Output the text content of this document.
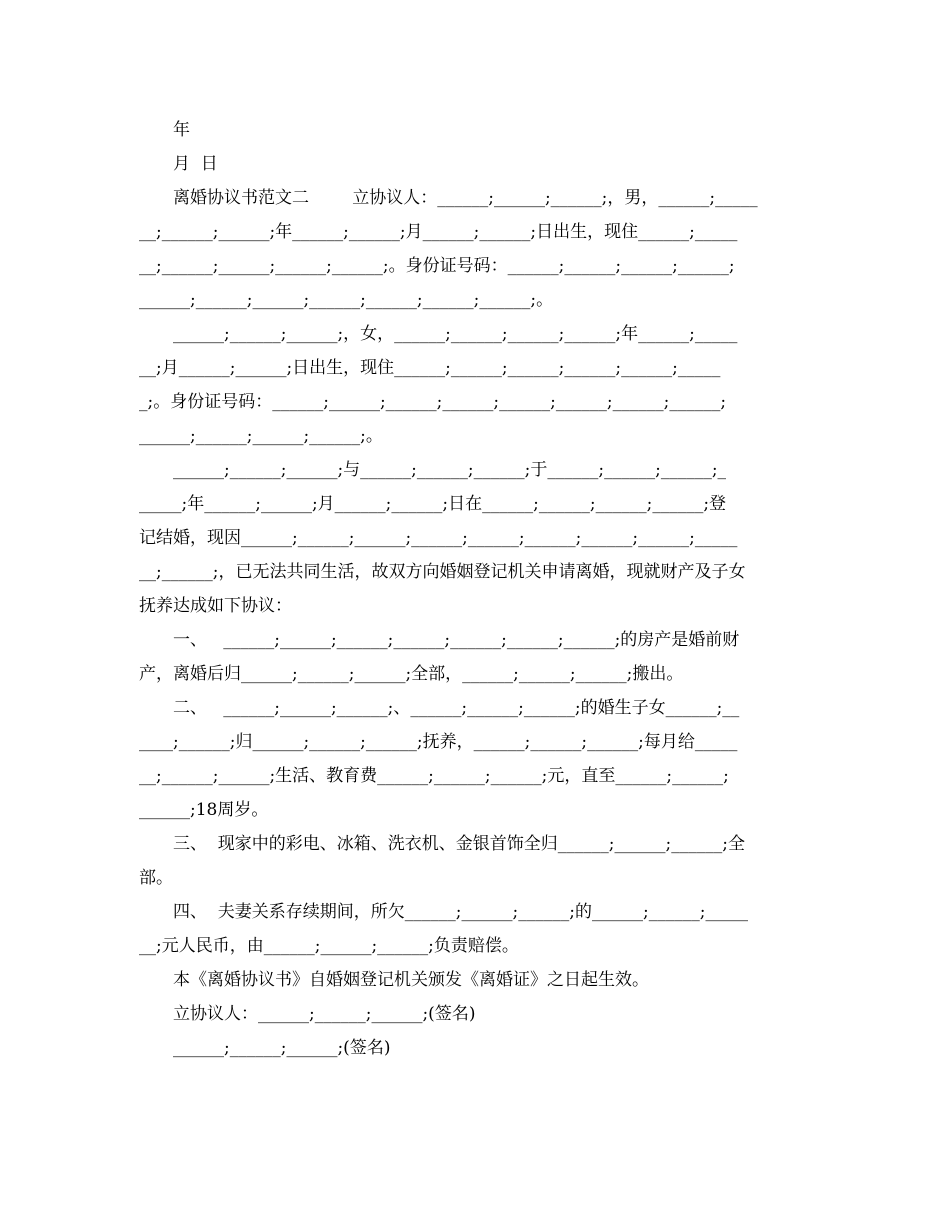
年
月  日
离婚协议书范文二        立协议人：______;______;______;，男，______;_____
__;______;______;年______;______;月______;______;日出生，现住______;_____
__;______;______;______;______;。身份证号码：______;______;______;______;
______;______;______;______;______;______;______;。
______;______;______;，女，______;______;______;______;年______;_____
__;月______;______;日出生，现住______;______;______;______;______;_____
_;。身份证号码：______;______;______;______;______;______;______;______;
______;______;______;______;。
______;______;______;与______;______;______;于______;______;______;_
_____;年______;______;月______;______;日在______;______;______;______;登
记结婚，现因______;______;______;______;______;______;______;______;_____
__;______;，已无法共同生活，故双方向婚姻登记机关申请离婚，现就财产及子女
抚养达成如下协议：
一、   ______;______;______;______;______;______;______;的房产是婚前财
产，离婚后归______;______;______;全部，______;______;______;搬出。
二、   ______;______;______;、______;______;______;的婚生子女______;__
____;______;归______;______;______;抚养，______;______;______;每月给_____
__;______;______;生活、教育费______;______;______;元，直至______;______;
______;18周岁。
三、  现家中的彩电、冰箱、洗衣机、金银首饰全归______;______;______;全
部。
四、  夫妻关系存续期间，所欠______;______;______;的______;______;_____
__;元人民币，由______;______;______;负责赔偿。
本《离婚协议书》自婚姻登记机关颁发《离婚证》之日起生效。
立协议人：______;______;______;(签名)
______;______;______;(签名)
